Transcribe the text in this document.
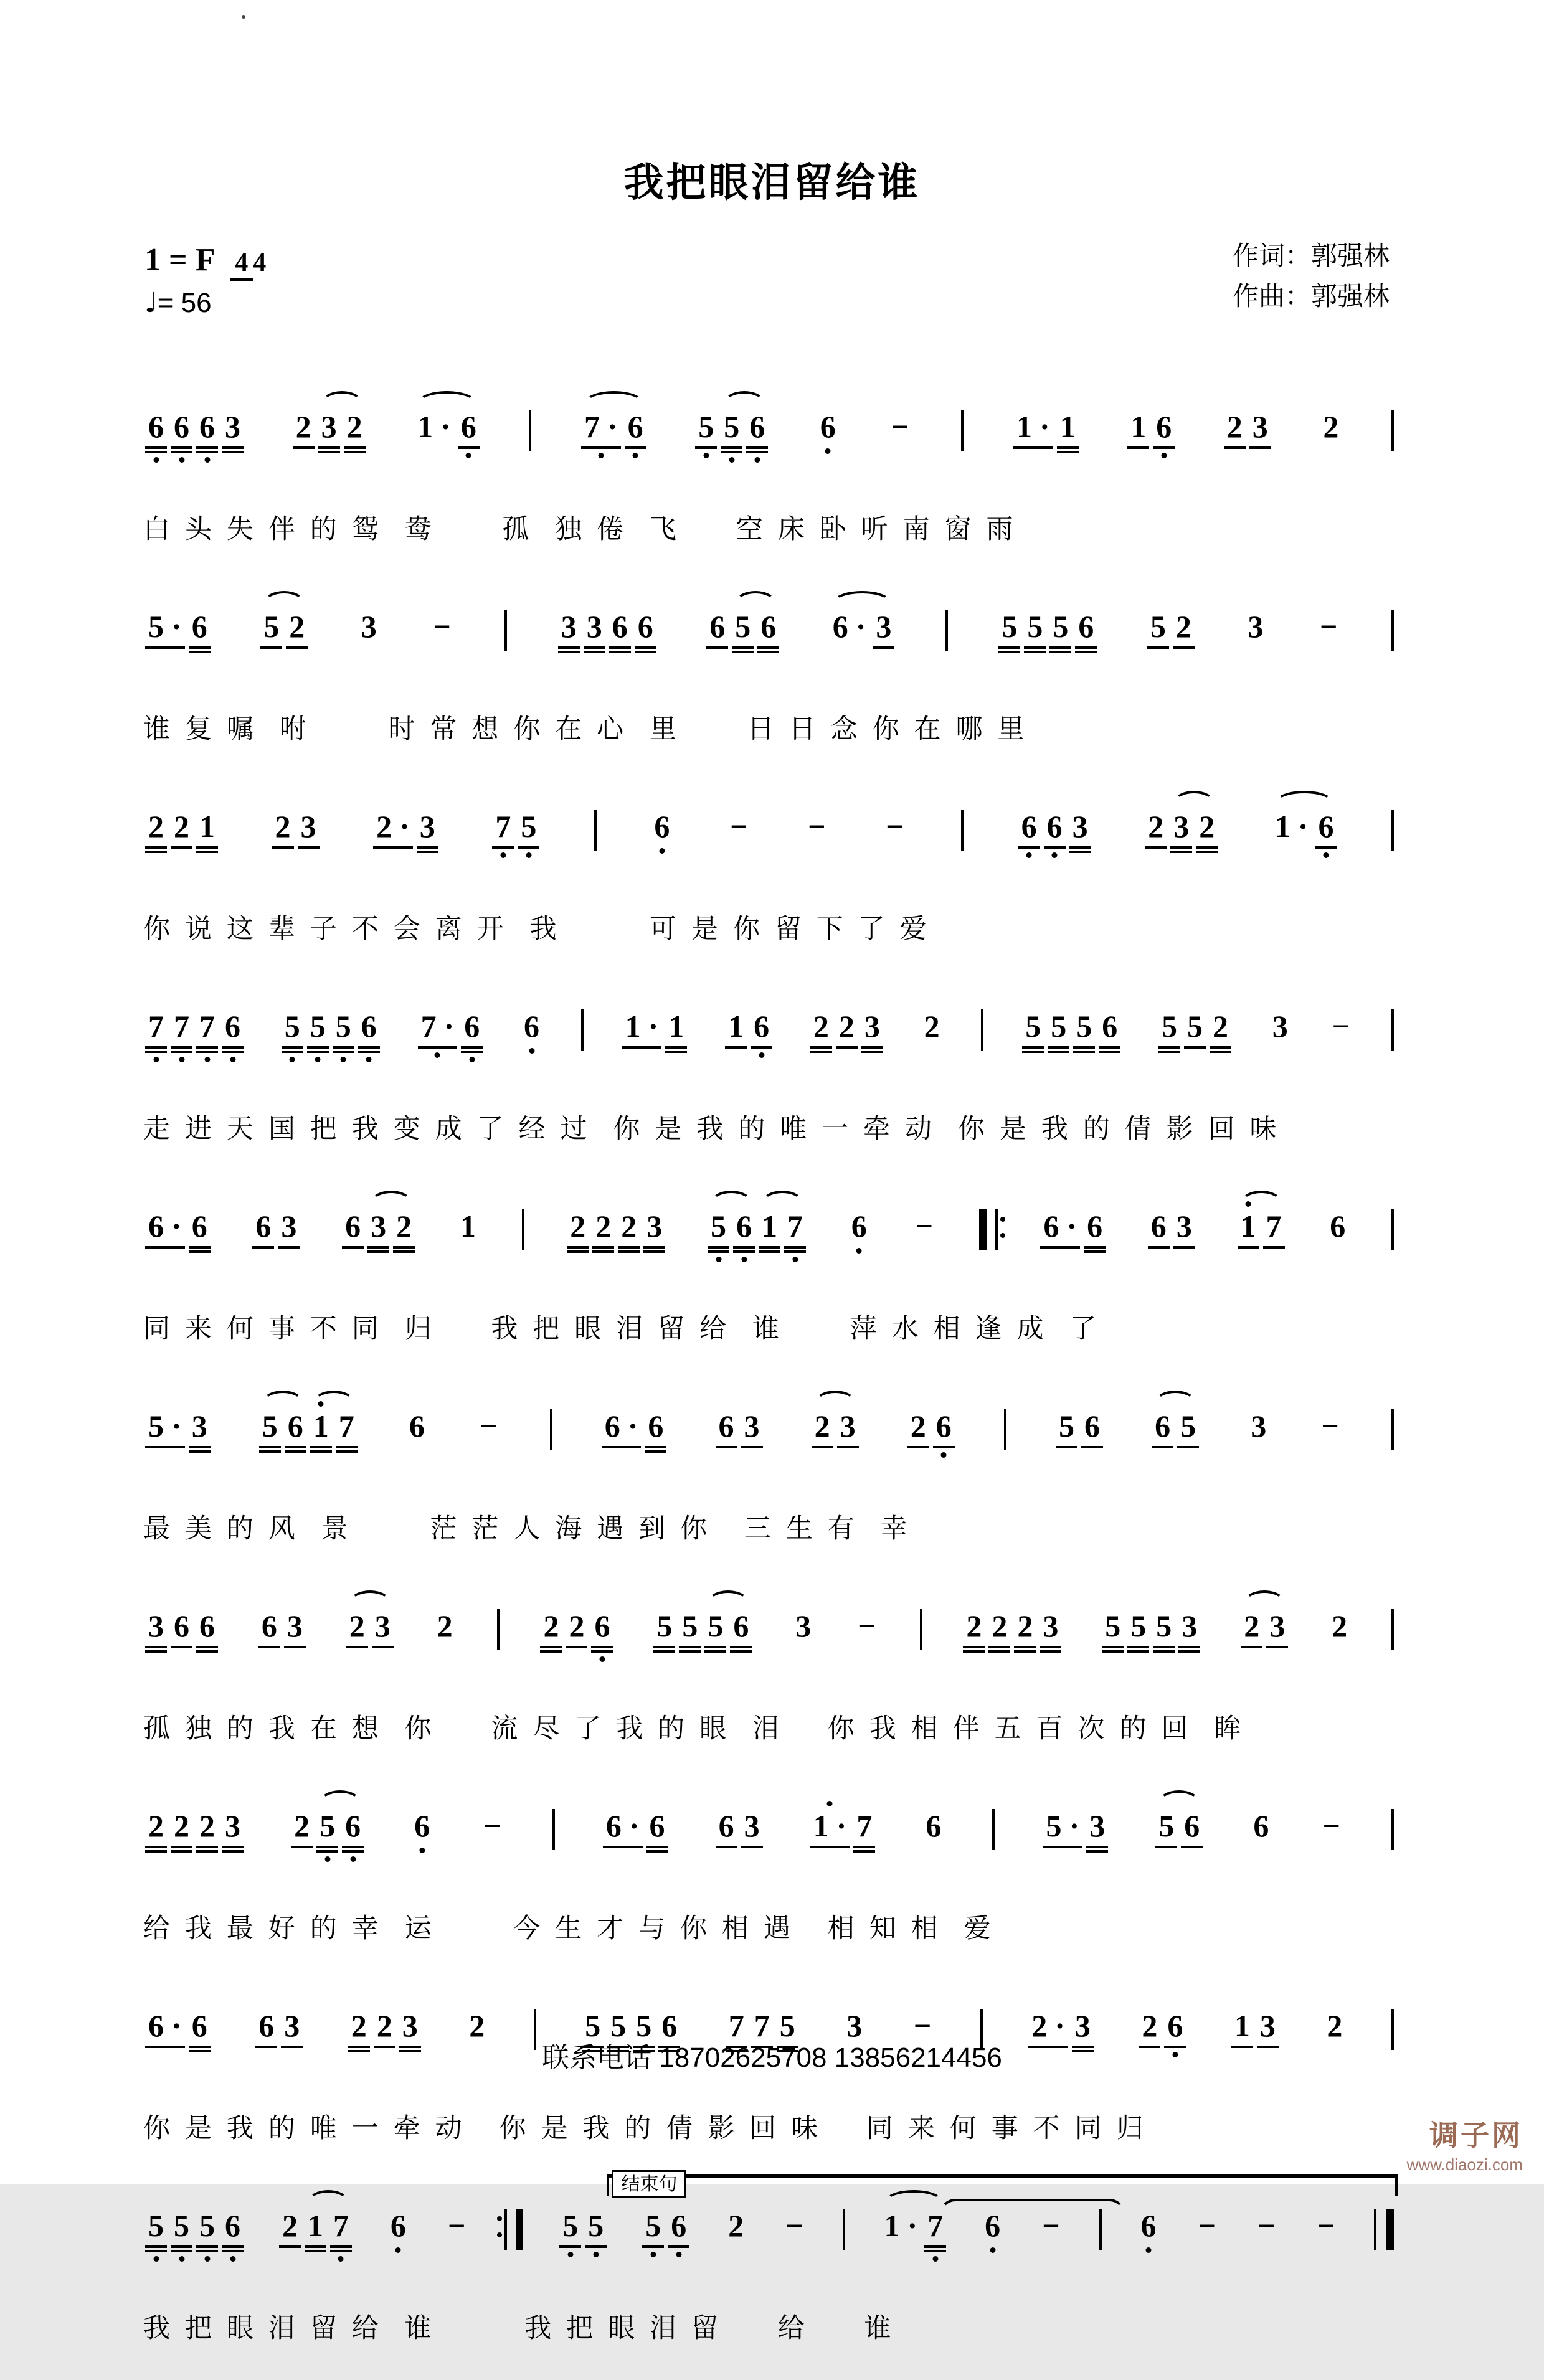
我把眼泪留给谁
作词：郭强林
作曲：郭强林
1 = F 4 4
♩= 56
6 6 6 3 2 3 2 1 · 6	7 · 6 5 5 6 6 −	1 · 1 1 6 2 3 2
白 头 失 伴 的 鸳  鸯      孤  独 倦  飞     空 床 卧 听 南 窗 雨
5 · 6 5 2 3 −	3 3 6 6 6 5 6 6 · 3	5 5 5 6 5 2 3 −
谁 复 嘱  咐       时 常 想 你 在 心  里      日 日 念 你 在 哪 里
2 2 1 2 3 2 · 3 7 5	6 − − −	6 6 3 2 3 2 1 · 6
你 说 这 辈 子 不 会 离 开  我        可 是 你 留 下 了 爱
7 7 7 6 5 5 5 6 7 · 6 6	1 · 1 1 6 2 2 3 2	5 5 5 6 5 5 2 3 −
走 进 天 国 把 我 变 成 了 经 过  你 是 我 的 唯 一 牵 动  你 是 我 的 倩 影 回 味
6 · 6 6 3 6 3 2 1	2 2 2 3 5 6 1 7 6 −	6 · 6 6 3 1 7 6
同 来 何 事 不 同  归     我 把 眼 泪 留 给  谁      萍 水 相 逢 成  了
5 · 3 5 6 1 7 6 −	6 · 6 6 3 2 3 2 6	5 6 6 5 3 −
最 美 的 风  景       茫 茫 人 海 遇 到 你   三 生 有  幸
3 6 6 6 3 2 3 2	2 2 6 5 5 5 6 3 −	2 2 2 3 5 5 5 3 2 3 2
孤 独 的 我 在 想  你     流 尽 了 我 的 眼  泪    你 我 相 伴 五 百 次 的 回  眸
2 2 2 3 2 5 6 6 −	6 · 6 6 3 1 · 7 6	5 · 3 5 6 6 −
给 我 最 好 的 幸  运       今 生 才 与 你 相 遇   相 知 相  爱
6 · 6 6 3 2 2 3 2	5 5 5 6 7 7 5 3 −	2 · 3 2 6 1 3 2
你 是 我 的 唯 一 牵 动   你 是 我 的 倩 影 回 味    同 来 何 事 不 同 归
结束句
5 5 5 6 2 1 7 6 −	5 5 5 6 2 −	1 · 7 6 −	6 − − −
我 把 眼 泪 留 给  谁        我 把 眼 泪 留     给     谁
联系电话 18702625708 13856214456
调子网
www.diaozi.com
